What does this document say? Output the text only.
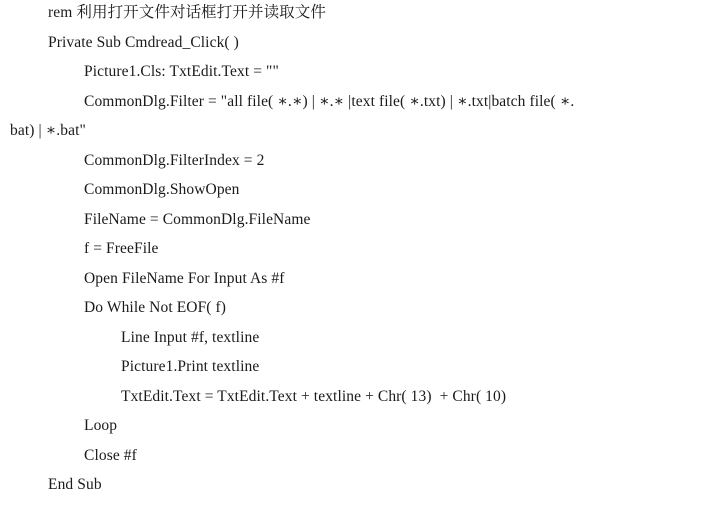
rem 利用打开文件对话框打开并读取文件
Private Sub Cmdread_Click( )
Picture1.Cls: TxtEdit.Text = ""
CommonDlg.Filter = "all file( ∗.∗) | ∗.∗ |text file( ∗.txt) | ∗.txt|batch file( ∗.
bat) | ∗.bat"
CommonDlg.FilterIndex = 2
CommonDlg.ShowOpen
FileName = CommonDlg.FileName
f = FreeFile
Open FileName For Input As #f
Do While Not EOF( f)
Line Input #f, textline
Picture1.Print textline
TxtEdit.Text = TxtEdit.Text + textline + Chr( 13)  + Chr( 10)
Loop
Close #f
End Sub
